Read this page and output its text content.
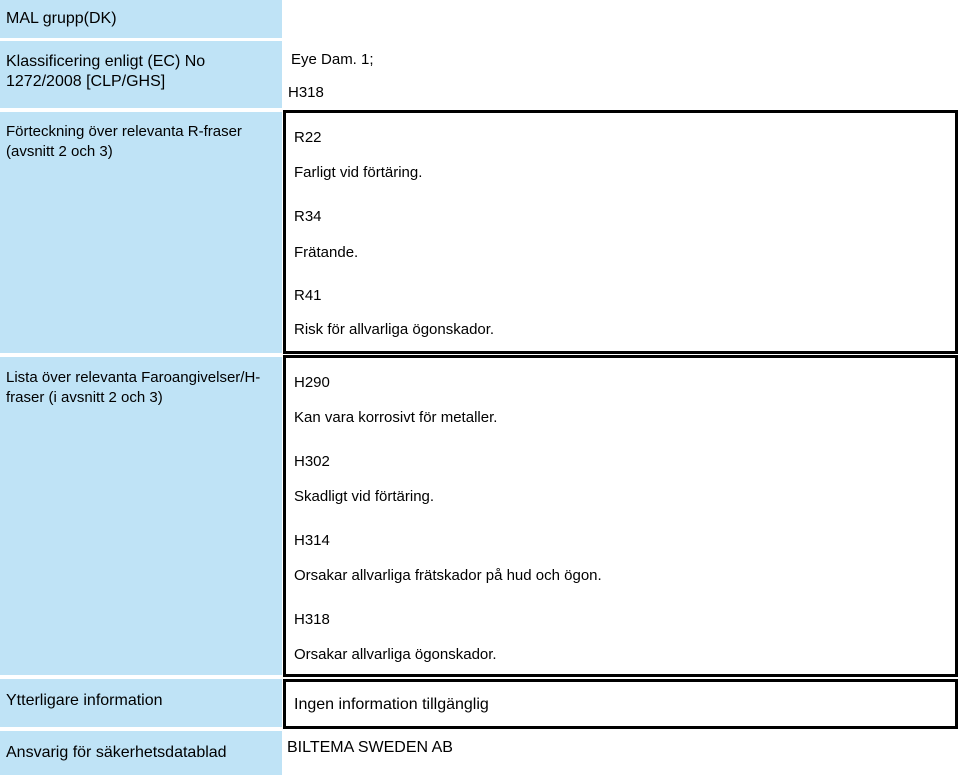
MAL grupp(DK)
Klassificering enligt (EC) No 1272/2008 [CLP/GHS]
Eye Dam. 1;
H318
Förteckning över relevanta R-fraser (avsnitt 2 och 3)
R22
Farligt vid förtäring.
R34
Frätande.
R41
Risk för allvarliga ögonskador.
Lista över relevanta Faroangivelser/H-fraser (i avsnitt 2 och 3)
H290
Kan vara korrosivt för metaller.
H302
Skadligt vid förtäring.
H314
Orsakar allvarliga frätskador på hud och ögon.
H318
Orsakar allvarliga ögonskador.
Ytterligare information	Ingen information tillgänglig
Ansvarig för säkerhetsdatablad	BILTEMA SWEDEN AB
